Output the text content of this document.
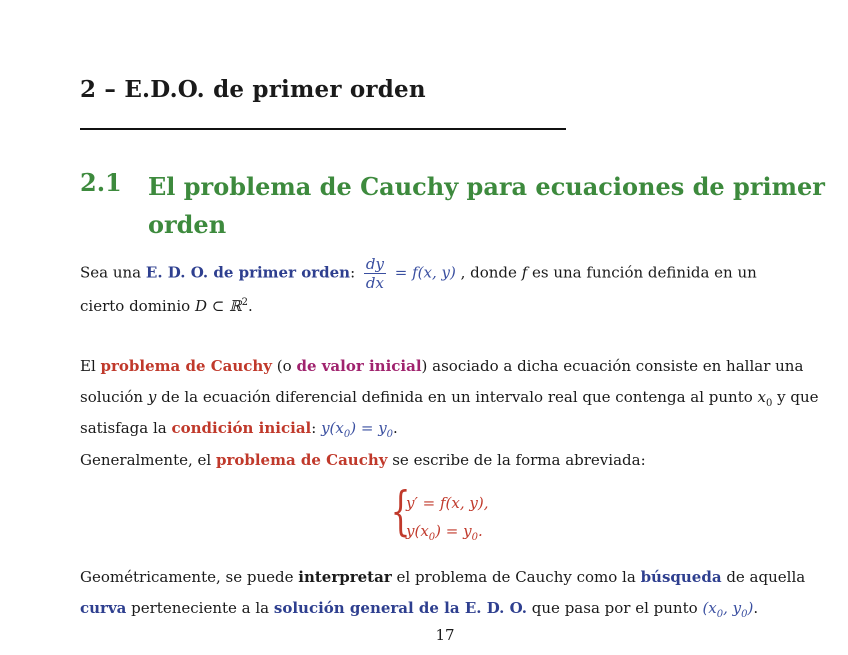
2 – E.D.O. de primer orden
2.1 El problema de Cauchy para ecuaciones de primer orden
Sea una E. D. O. de primer orden: $\frac{dy}{dx} = f(x$, y) , donde f es una función definida en un
cierto dominio D ⊂ ℝ$^2$.
El problema de Cauchy (o de valor inicial) asociado a dicha ecuación consiste en hallar una
solución y de la ecuación diferencial definida en un intervalo real que contenga al punto $x_0$ y que
satisfaga la condición inicial: $y(x_0) = y_0$.
Generalmente, el problema de Cauchy se escribe de la forma abreviada:
{
y′ = f(x, y),
$y(x_0) = y_0$.
Geométricamente, se puede interpretar el problema de Cauchy como la búsqueda de aquella
curva perteneciente a la solución general de la E. D. O. que pasa por el punto ($x_0$, $y_0$).
17
